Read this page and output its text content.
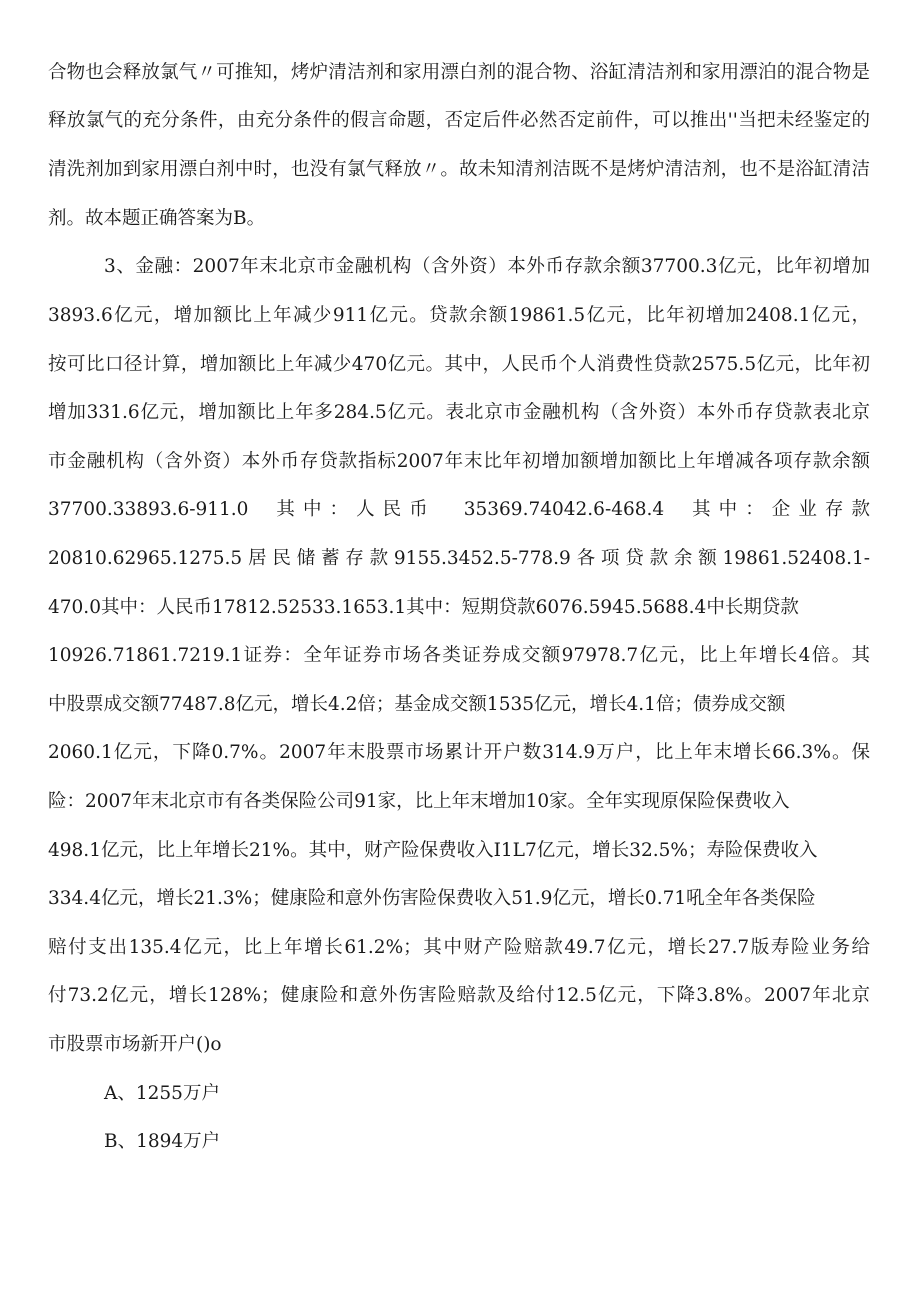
合物也会释放氯气〃可推知，烤炉清洁剂和家用漂白剂的混合物、浴缸清洁剂和家用漂泊的混合物是
释放氯气的充分条件，由充分条件的假言命题，否定后件必然否定前件，可以推出''当把未经鉴定的
清洗剂加到家用漂白剂中时，也没有氯气释放〃。故未知清剂洁既不是烤炉清洁剂，也不是浴缸清洁
剂。故本题正确答案为B。
3、金融：2007年末北京市金融机构（含外资）本外币存款余额37700.3亿元，比年初增加
3893.6亿元，增加额比上年减少911亿元。贷款余额19861.5亿元，比年初增加2408.1亿元，
按可比口径计算，增加额比上年减少470亿元。其中，人民币个人消费性贷款2575.5亿元，比年初
增加331.6亿元，增加额比上年多284.5亿元。表北京市金融机构（含外资）本外币存贷款表北京
市金融机构（含外资）本外币存贷款指标2007年末比年初增加额增加额比上年增减各项存款余额
37700.33893.6-911.0 其中：人民币 35369.74042.6-468.4 其中：企业存款
20810.62965.1275.5居民储蓄存款9155.3452.5-778.9各项贷款余额19861.52408.1-
470.0其中：人民币17812.52533.1653.1其中：短期贷款6076.5945.5688.4中长期贷款
10926.71861.7219.1证券：全年证券市场各类证券成交额97978.7亿元，比上年增长4倍。其
中股票成交额77487.8亿元，增长4.2倍；基金成交额1535亿元，增长4.1倍；债券成交额
2060.1亿元，下降0.7%。2007年末股票市场累计开户数314.9万户，比上年末增长66.3%。保
险：2007年末北京市有各类保险公司91家，比上年末增加10家。全年实现原保险保费收入
498.1亿元，比上年增长21%。其中，财产险保费收入I1L7亿元，增长32.5%；寿险保费收入
334.4亿元，增长21.3%；健康险和意外伤害险保费收入51.9亿元，增长0.71吼全年各类保险
赔付支出135.4亿元，比上年增长61.2%；其中财产险赔款49.7亿元，增长27.7版寿险业务给
付73.2亿元，增长128%；健康险和意外伤害险赔款及给付12.5亿元，下降3.8%。2007年北京
市股票市场新开户()o
A、1255万户
B、1894万户
